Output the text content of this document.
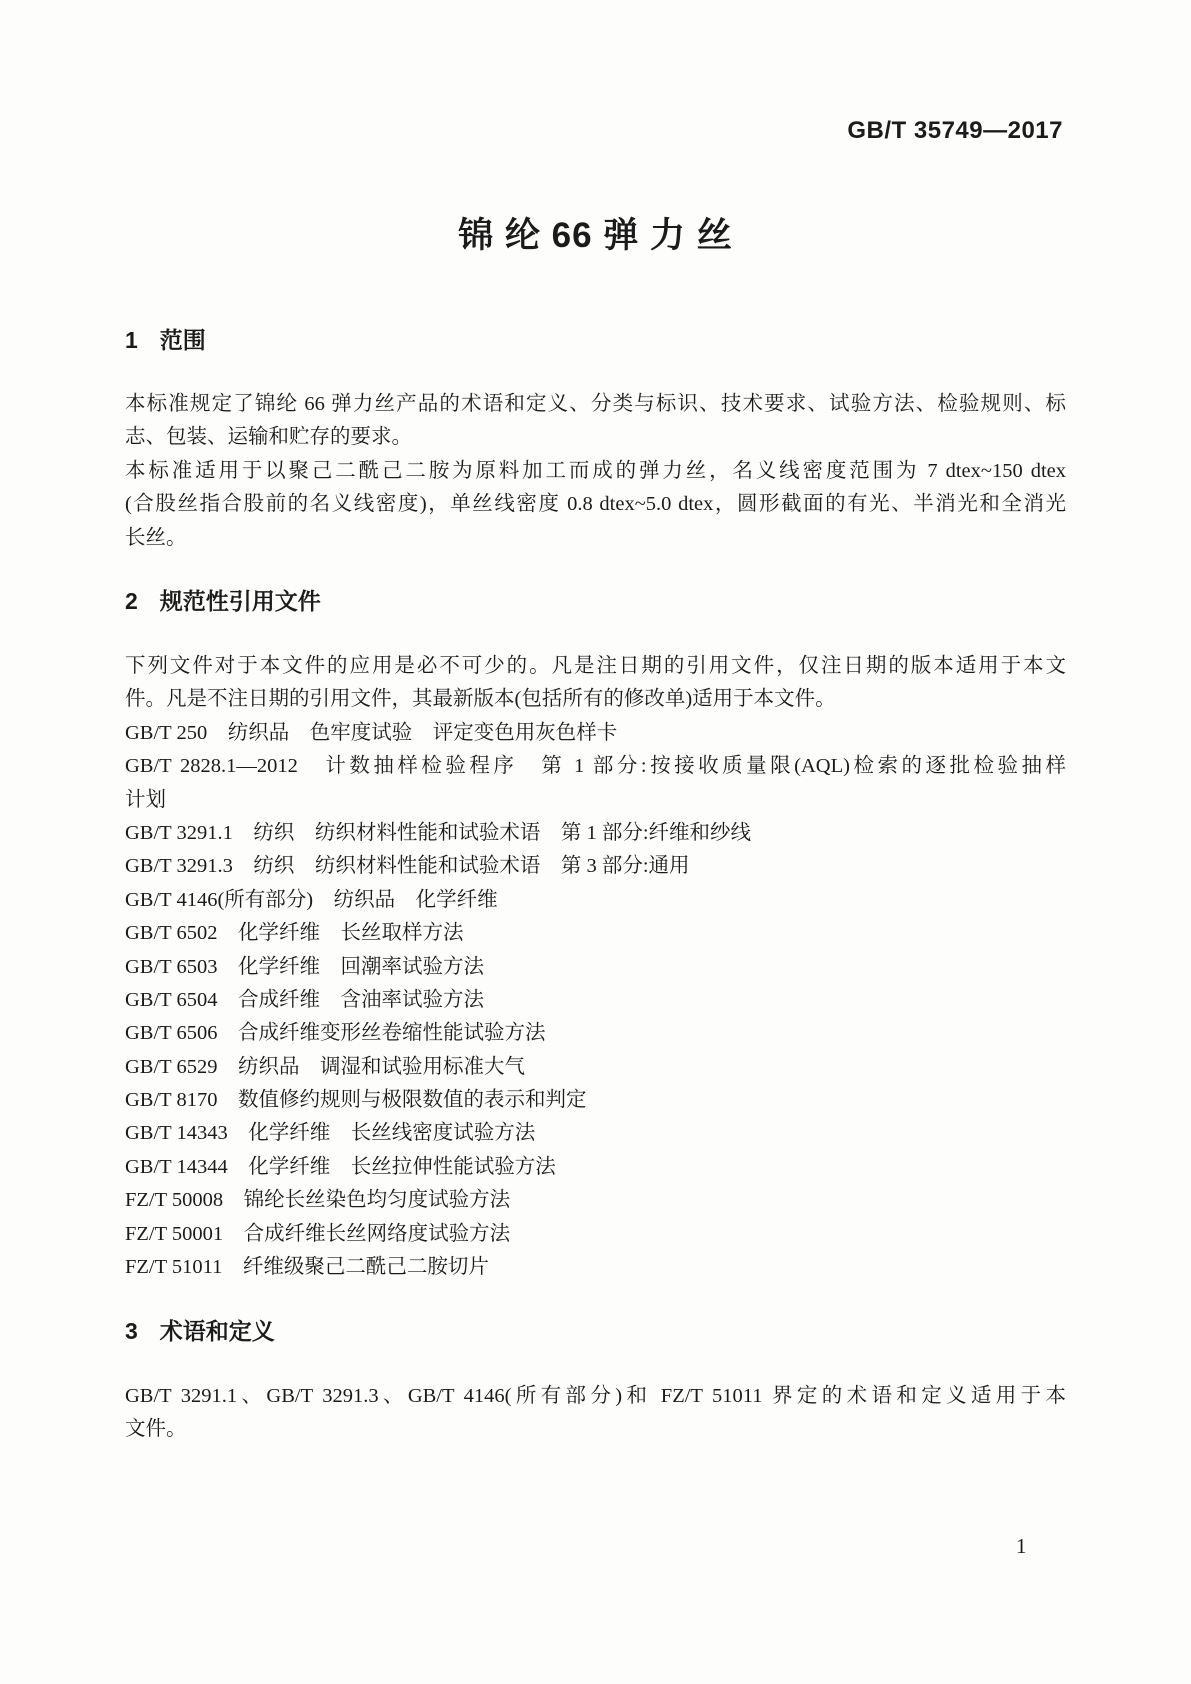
GB/T 35749—2017
锦 纶 66 弹 力 丝
1 范围
本标准规定了锦纶 66 弹力丝产品的术语和定义、分类与标识、技术要求、试验方法、检验规则、标
志、包装、运输和贮存的要求。
本标准适用于以聚己二酰己二胺为原料加工而成的弹力丝，名义线密度范围为 7 dtex~150 dtex
(合股丝指合股前的名义线密度)，单丝线密度 0.8 dtex~5.0 dtex，圆形截面的有光、半消光和全消光
长丝。
2 规范性引用文件
下列文件对于本文件的应用是必不可少的。凡是注日期的引用文件，仅注日期的版本适用于本文
件。凡是不注日期的引用文件，其最新版本(包括所有的修改单)适用于本文件。
GB/T 250　纺织品　色牢度试验　评定变色用灰色样卡
GB/T 2828.1—2012　计数抽样检验程序　第 1 部分:按接收质量限(AQL)检索的逐批检验抽样
计划
GB/T 3291.1　纺织　纺织材料性能和试验术语　第 1 部分:纤维和纱线
GB/T 3291.3　纺织　纺织材料性能和试验术语　第 3 部分:通用
GB/T 4146(所有部分)　纺织品　化学纤维
GB/T 6502　化学纤维　长丝取样方法
GB/T 6503　化学纤维　回潮率试验方法
GB/T 6504　合成纤维　含油率试验方法
GB/T 6506　合成纤维变形丝卷缩性能试验方法
GB/T 6529　纺织品　调湿和试验用标准大气
GB/T 8170　数值修约规则与极限数值的表示和判定
GB/T 14343　化学纤维　长丝线密度试验方法
GB/T 14344　化学纤维　长丝拉伸性能试验方法
FZ/T 50008　锦纶长丝染色均匀度试验方法
FZ/T 50001　合成纤维长丝网络度试验方法
FZ/T 51011　纤维级聚己二酰己二胺切片
3 术语和定义
GB/T 3291.1、GB/T 3291.3、GB/T 4146(所有部分)和 FZ/T 51011 界定的术语和定义适用于本
文件。
1
